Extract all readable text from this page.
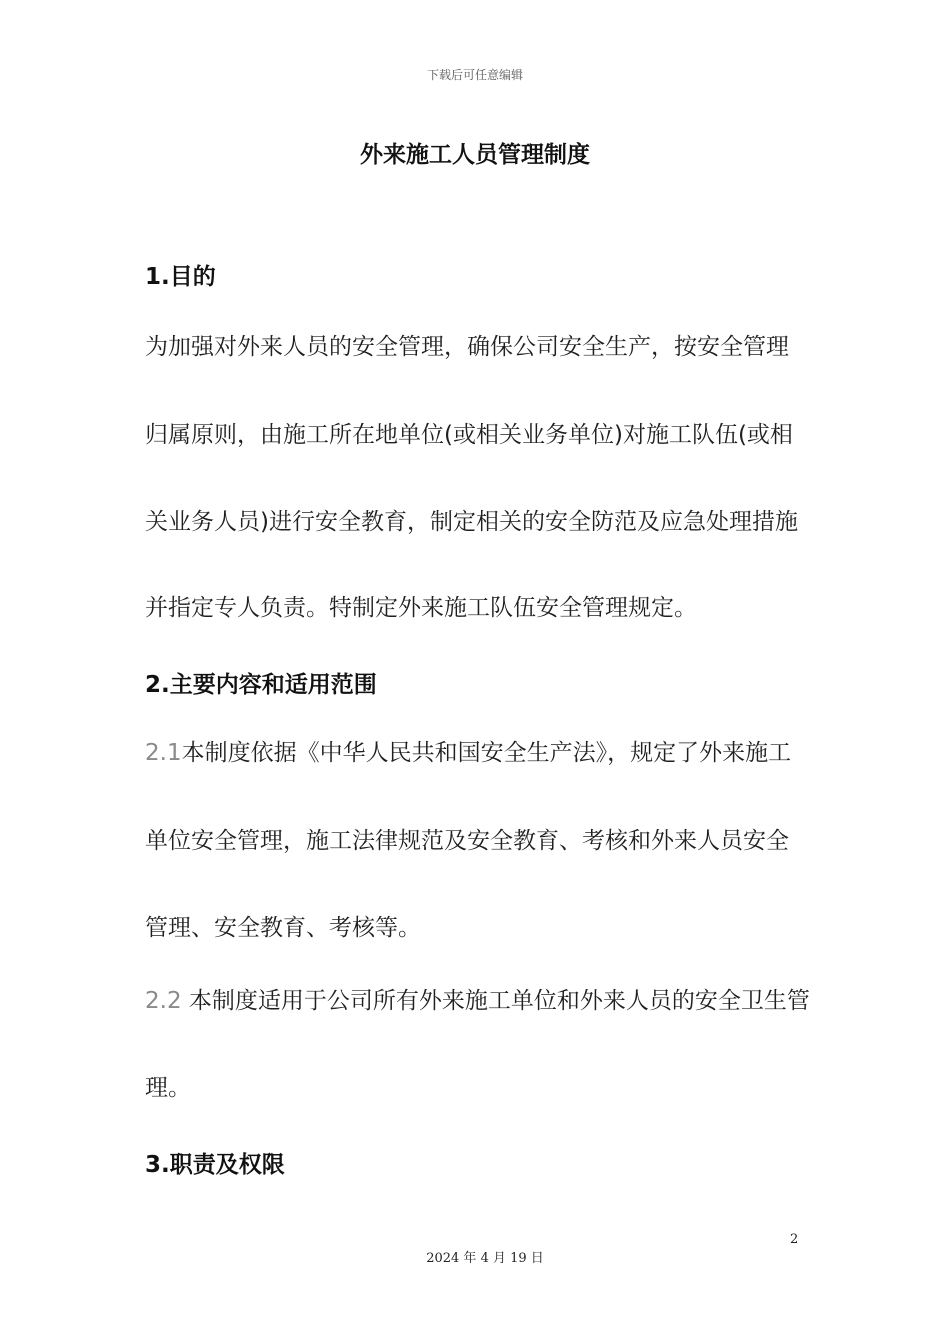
下载后可任意编辑
外来施工人员管理制度
1.目的

为加强对外来人员的安全管理，确保公司安全生产，按安全管理

归属原则，由施工所在地单位(或相关业务单位)对施工队伍(或相

关业务人员)进行安全教育，制定相关的安全防范及应急处理措施

并指定专人负责。特制定外来施工队伍安全管理规定。

2.主要内容和适用范围

2.1本制度依据《中华人民共和国安全生产法》，规定了外来施工

单位安全管理，施工法律规范及安全教育、考核和外来人员安全

管理、安全教育、考核等。

2.2 本制度适用于公司所有外来施工单位和外来人员的安全卫生管

理。

3.职责及权限
2
2024 年 4 月 19 日
